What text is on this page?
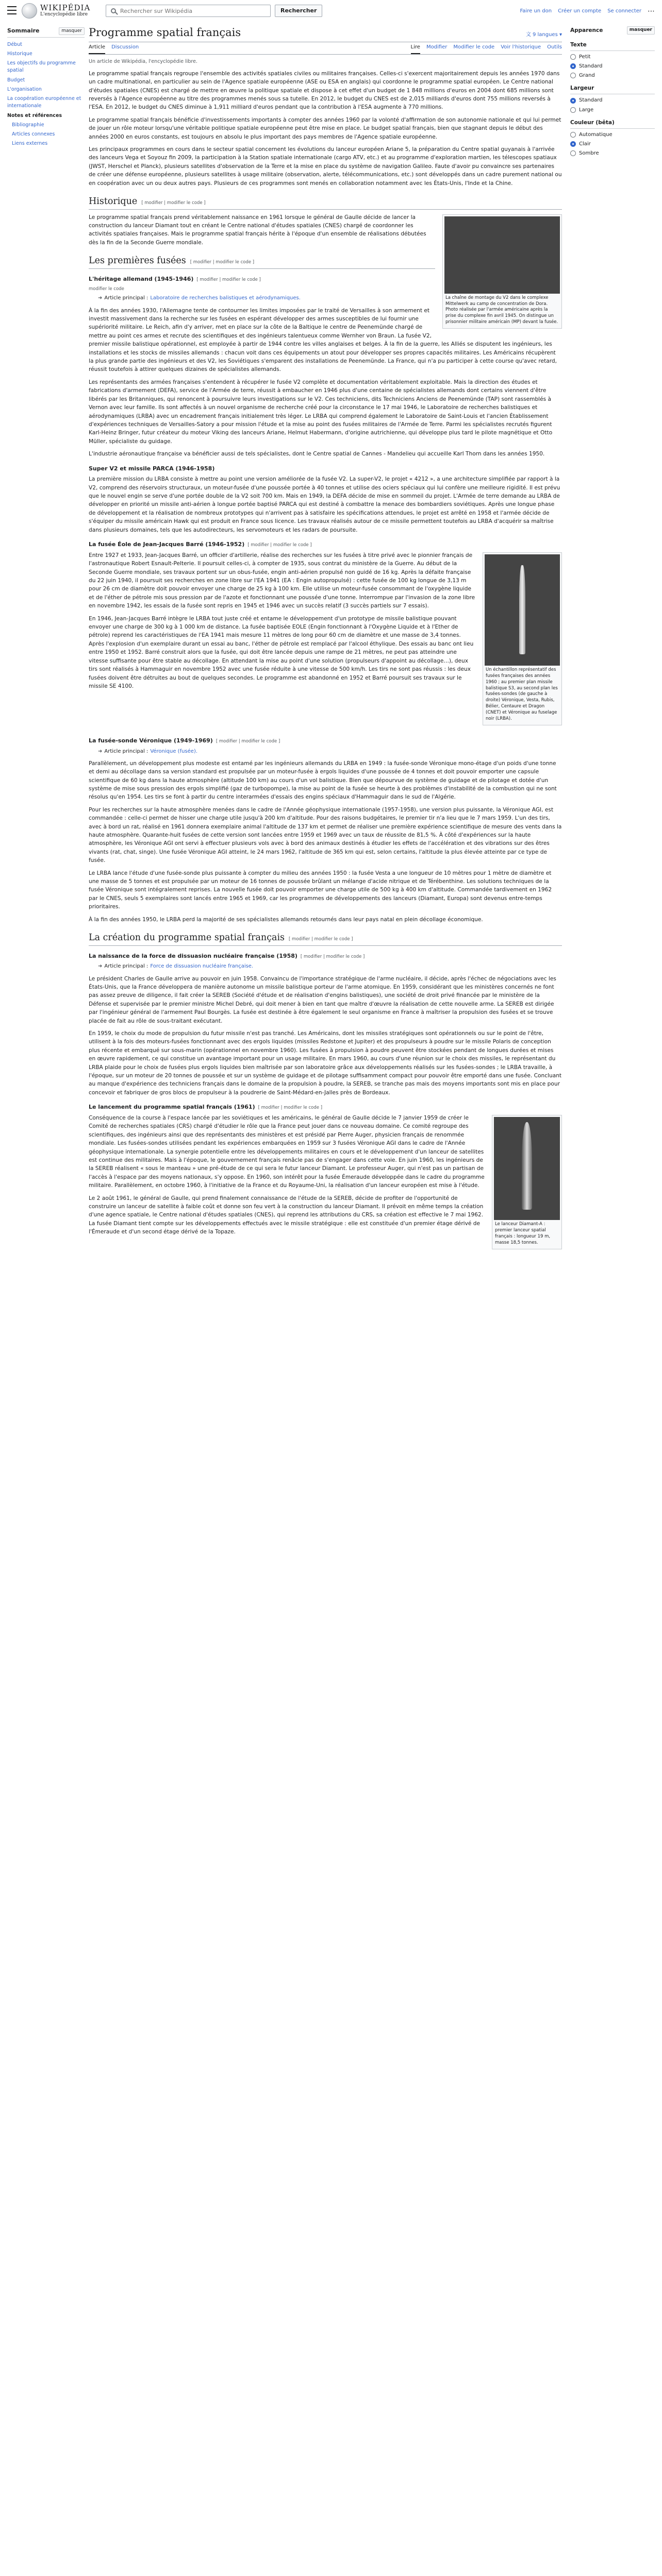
WIKIPÉDIA
L'encyclopédie libre
Rechercher sur Wikipédia
Rechercher	Faire un don Créer un compte Se connecter ⋯
Sommaire	masquer
Début
Historique
Les objectifs du programme spatial
Budget
L'organisation
La coopération européenne et internationale
Notes et références
Bibliographie
Articles connexes
Liens externes
Programme spatial français	文 9 langues ▾
Article Discussion	Lire Modifier Modifier le code Voir l'historique Outils
Un article de Wikipédia, l'encyclopédie libre.

Le programme spatial français regroupe l'ensemble des activités spatiales civiles ou militaires françaises. Celles-ci s'exercent majoritairement depuis les années 1970 dans un cadre multinational, en particulier au sein de l'Agence spatiale européenne (ASE ou ESA en anglais) qui coordonne le programme spatial européen. Le Centre national d'études spatiales (CNES) est chargé de mettre en œuvre la politique spatiale et dispose à cet effet d'un budget de 1 848 millions d'euros en 2004 dont 685 millions sont reversés à l'Agence européenne au titre des programmes menés sous sa tutelle. En 2012, le budget du CNES est de 2,015 milliards d'euros dont 755 millions reversés à l'ESA. En 2012, le budget du CNES diminue à 1,911 milliard d'euros pendant que la contribution à l'ESA augmente à 770 millions.

Le programme spatial français bénéficie d'investissements importants à compter des années 1960 par la volonté d'affirmation de son autonomie nationale et qui lui permet de jouer un rôle moteur lorsqu'une véritable politique spatiale européenne peut être mise en place. Le budget spatial français, bien que stagnant depuis le début des années 2000 en euros constants, est toujours en absolu le plus important des pays membres de l'Agence spatiale européenne.

Les principaux programmes en cours dans le secteur spatial concernent les évolutions du lanceur européen Ariane 5, la préparation du Centre spatial guyanais à l'arrivée des lanceurs Vega et Soyouz fin 2009, la participation à la Station spatiale internationale (cargo ATV, etc.) et au programme d'exploration martien, les télescopes spatiaux (JWST, Herschel et Planck), plusieurs satellites d'observation de la Terre et la mise en place du système de navigation Galileo. Faute d'avoir pu convaincre ses partenaires de créer une défense européenne, plusieurs satellites à usage militaire (observation, alerte, télécommunications, etc.) sont développés dans un cadre purement national ou en coopération avec un ou deux autres pays. Plusieurs de ces programmes sont menés en collaboration notamment avec les États-Unis, l'Inde et la Chine.

Historique [ modifier | modifier le code ]
La chaîne de montage du V2 dans le complexe Mittelwerk au camp de concentration de Dora. Photo réalisée par l'armée américaine après la prise du complexe fin avril 1945. On distingue un prisonnier militaire américain (MP) devant la fusée.

Le programme spatial français prend véritablement naissance en 1961 lorsque le général de Gaulle décide de lancer la construction du lanceur Diamant tout en créant le Centre national d'études spatiales (CNES) chargé de coordonner les activités spatiales françaises. Mais le programme spatial français hérite à l'époque d'un ensemble de réalisations débutées dès la fin de la Seconde Guerre mondiale.

Les premières fusées [ modifier | modifier le code ]
L'héritage allemand (1945-1946) [ modifier | modifier le code ]
modifier le code
➜ Article principal : Laboratoire de recherches balistiques et aérodynamiques.

À la fin des années 1930, l'Allemagne tente de contourner les limites imposées par le traité de Versailles à son armement et investit massivement dans la recherche sur les fusées en espérant développer des armes susceptibles de lui fournir une supériorité militaire. Le Reich, afin d'y arriver, met en place sur la côte de la Baltique le centre de Peenemünde chargé de mettre au point ces armes et recrute des scientifiques et des ingénieurs talentueux comme Wernher von Braun. La fusée V2, premier missile balistique opérationnel, est employée à partir de 1944 contre les villes anglaises et belges. À la fin de la guerre, les Alliés se disputent les ingénieurs, les installations et les stocks de missiles allemands : chacun voit dans ces équipements un atout pour développer ses propres capacités militaires. Les Américains récupèrent la plus grande partie des ingénieurs et des V2, les Soviétiques s'emparent des installations de Peenemünde. La France, qui n'a pu participer à cette course qu'avec retard, réussit toutefois à attirer quelques dizaines de spécialistes allemands.

Les représentants des armées françaises s'entendent à récupérer le fusée V2 complète et documentation véritablement exploitable. Mais la direction des études et fabrications d'armement (DEFA), service de l'Armée de terre, réussit à embaucher en 1946 plus d'une centaine de spécialistes allemands dont certains viennent d'être libérés par les Britanniques, qui renoncent à poursuivre leurs investigations sur le V2. Ces techniciens, dits Techniciens Anciens de Peenemünde (TAP) sont rassemblés à Vernon avec leur famille. Ils sont affectés à un nouvel organisme de recherche créé pour la circonstance le 17 mai 1946, le Laboratoire de recherches balistiques et aérodynamiques (LRBA) avec un encadrement français initialement très léger. Le LRBA qui comprend également le Laboratoire de Saint-Louis et l'ancien Établissement d'expériences techniques de Versailles-Satory a pour mission l'étude et la mise au point des fusées militaires de l'Armée de Terre. Parmi les spécialistes recrutés figurent Karl-Heinz Bringer, futur créateur du moteur Viking des lanceurs Ariane, Helmut Habermann, d'origine autrichienne, qui développe plus tard le pilote magnétique et Otto Müller, spécialiste du guidage.

L'industrie aéronautique française va bénéficier aussi de tels spécialistes, dont le Centre spatial de Cannes - Mandelieu qui accueille Karl Thorn dans les années 1950.

Super V2 et missile PARCA (1946-1958)

La première mission du LRBA consiste à mettre au point une version améliorée de la fusée V2. La super-V2, le projet « 4212 », a une architecture simplifiée par rapport à la V2, comprend des réservoirs structuraux, un moteur-fusée d'une poussée portée à 40 tonnes et utilise des ociers spéciaux qui lui confère une meilleure rigidité. Il est prévu que le nouvel engin se serve d'une portée double de la V2 soit 700 km. Mais en 1949, la DEFA décide de mise en sommeil du projet. L'Armée de terre demande au LRBA de développer en priorité un missile anti-aérien à longue portée baptisé PARCA qui est destiné à combattre la menace des bombardiers soviétiques. Après une longue phase de développement et la réalisation de nombreux prototypes qui n'arrivent pas à satisfaire les spécifications attendues, le projet est arrêté en 1958 et l'armée décide de s'équiper du missile américain Hawk qui est produit en France sous licence. Les travaux réalisés autour de ce missile permettent toutefois au LRBA d'acquérir sa maîtrise dans plusieurs domaines, tels que les autodirecteurs, les servomoteurs et les radars de poursuite.

La fusée Éole de Jean-Jacques Barré (1946-1952) [ modifier | modifier le code ]
Un échantillon représentatif des fusées françaises des années 1960 ; au premier plan missile balistique S3, au second plan les fusées-sondes (de gauche à droite) Véronique, Vesta, Rubis, Bélier, Centaure et Dragon (CNET) et Véronique au fuselage noir (LRBA).

Entre 1927 et 1933, Jean-Jacques Barré, un officier d'artillerie, réalise des recherches sur les fusées à titre privé avec le pionnier français de l'astronautique Robert Esnault-Pelterie. Il poursuit celles-ci, à compter de 1935, sous contrat du ministère de la Guerre. Au début de la Seconde Guerre mondiale, ses travaux portent sur un obus-fusée, engin anti-aérien propulsé non guidé de 16 kg. Après la défaite française du 22 juin 1940, il poursuit ses recherches en zone libre sur l'EA 1941 (EA : Engin autopropulsé) : cette fusée de 100 kg longue de 3,13 m pour 26 cm de diamètre doit pouvoir envoyer une charge de 25 kg à 100 km. Elle utilise un moteur-fusée consommant de l'oxygène liquide et de l'éther de pétrole mis sous pression par de l'azote et fonctionnant une pousséе d'une tonne. Interrompue par l'invasion de la zone libre en novembre 1942, les essais de la fusée sont repris en 1945 et 1946 avec un succès relatif (3 succès partiels sur 7 essais).

En 1946, Jean-Jacques Barré intègre le LRBA tout juste créé et entame le développement d'un prototype de missile balistique pouvant envoyer une charge de 300 kg à 1 000 km de distance. La fusée baptisée EOLE (Engin fonctionnant à l'Oxygène Liquide et à l'Ether de pétrole) reprend les caractéristiques de l'EA 1941 mais mesure 11 mètres de long pour 60 cm de diamètre et une masse de 3,4 tonnes. Après l'explosion d'un exemplaire durant un essai au banc, l'éther de pétrole est remplacé par l'alcool éthylique. Des essais au banc ont lieu entre 1950 et 1952. Barré construit alors que la fusée, qui doit être lancée depuis une rampe de 21 mètres, ne peut pas atteindre une vitesse suffisante pour être stable au décollage. En attendant la mise au point d'une solution (propulseurs d'appoint au décollage…), deux tirs sont réalisés à Hammaguir en novembre 1952 avec une fusée réduite à une vitesse de 500 km/h. Les tirs ne sont pas réussis : les deux fusées doivent être détruites au bout de quelques secondes. Le programme est abandonné en 1952 et Barré poursuit ses travaux sur le missile SE 4100.

La fusée-sonde Véronique (1949-1969) [ modifier | modifier le code ]
➜ Article principal : Véronique (fusée).

Parallèlement, un développement plus modeste est entamé par les ingénieurs allemands du LRBA en 1949 : la fusée-sonde Véronique mono-étage d'un poids d'une tonne et demi au décollage dans sa version standard est propulsée par un moteur-fusée à ergols liquides d'une poussée de 4 tonnes et doit pouvoir emporter une capsule scientifique de 60 kg dans la haute atmosphère (altitude 100 km) au cours d'un vol balistique. Bien que dépourvue de système de guidage et de pilotage et dotée d'un système de mise sous pression des ergols simplifié (gaz de turbopompe), la mise au point de la fusée se heurte à des problèmes d'instabilité de la combustion qui ne sont résolus qu'en 1954. Les tirs se font à partir du centre interarmées d'essais des engins spéciaux d'Hammaguir dans le sud de l'Algérie.

Pour les recherches sur la haute atmosphère menées dans le cadre de l'Année géophysique internationale (1957-1958), une version plus puissante, la Véronique AGI, est commandée : celle-ci permet de hisser une charge utile jusqu'à 200 km d'altitude. Pour des raisons budgétaires, le premier tir n'a lieu que le 7 mars 1959. L'un des tirs, avec à bord un rat, réalisé en 1961 donnera exemplaire animal l'altitude de 137 km et permet de réaliser une première expérience scientifique de mesure des vents dans la haute atmosphère. Quarante-huit fusées de cette version sont lancées entre 1959 et 1969 avec un taux de réussite de 81,5 %. À côté d'expériences sur la haute atmosphère, les Véronique AGI ont servi à effectuer plusieurs vols avec à bord des animaux destinés à étudier les effets de l'accélération et des vibrations sur des êtres vivants (rat, chat, singe). Une fusée Véronique AGI atteint, le 24 mars 1962, l'altitude de 365 km qui est, selon certains, l'altitude la plus élevée atteinte par ce type de fusée.

Le LRBA lance l'étude d'une fusée-sonde plus puissante à compter du milieu des années 1950 : la fusée Vesta a une longueur de 10 mètres pour 1 mètre de diamètre et une masse de 5 tonnes et est propulsée par un moteur de 16 tonnes de poussée brûlant un mélange d'acide nitrique et de Térébenthine. Les solutions techniques de la fusée Véronique sont intégralement reprises. La nouvelle fusée doit pouvoir emporter une charge utile de 500 kg à 400 km d'altitude. Commandée tardivement en 1962 par le CNES, seuls 5 exemplaires sont lancés entre 1965 et 1969, car les programmes de développements des lanceurs (Diamant, Europa) sont devenus entre-temps prioritaires.

À la fin des années 1950, le LRBA perd la majorité de ses spécialistes allemands retournés dans leur pays natal en plein décollage économique.

La création du programme spatial français [ modifier | modifier le code ]
La naissance de la force de dissuasion nucléaire française (1958) [ modifier | modifier le code ]
➜ Article principal : Force de dissuasion nucléaire française.

Le président Charles de Gaulle arrive au pouvoir en juin 1958. Convaincu de l'importance stratégique de l'arme nucléaire, il décide, après l'échec de négociations avec les États-Unis, que la France développera de manière autonome un missile balistique porteur de l'arme atomique. En 1959, considérant que les ministères concernés ne font pas assez preuve de diligence, il fait créer la SEREB (Société d'étude et de réalisation d'engins balistiques), une société de droit privé financée par le ministère de la Défense et supervisée par le premier ministre Michel Debré, qui doit mener à bien en tant que maître d'œuvre la réalisation de cette nouvelle arme. La SEREB est dirigée par l'ingénieur général de l'armement Paul Bourgès. La fusée est destinée à être également le seul organisme en France à maîtriser la propulsion des fusées et se trouve placée de fait au rôle de sous-traitant exécutant.

En 1959, le choix du mode de propulsion du futur missile n'est pas tranché. Les Américains, dont les missiles stratégiques sont opérationnels ou sur le point de l'être, utilisent à la fois des moteurs-fusées fonctionnant avec des ergols liquides (missiles Redstone et Jupiter) et des propulseurs à poudre sur le missile Polaris de conception plus récente et embarqué sur sous-marin (opérationnel en novembre 1960). Les fusées à propulsion à poudre peuvent être stockées pendant de longues durées et mises en œuvre rapidement, ce qui constitue un avantage important pour un usage militaire. En mars 1960, au cours d'une réunion sur le choix des missiles, le représentant du LRBA plaide pour le choix de fusées plus ergols liquides bien maîtrisée par son laboratoire grâce aux développements réalisés sur les fusées-sondes ; le LRBA travaille, à l'époque, sur un moteur de 20 tonnes de poussée et sur un système de guidage et de pilotage suffisamment compact pour pouvoir être emporté dans une fusée. Concluant au manque d'expérience des techniciens français dans le domaine de la propulsion à poudre, la SEREB, se tranche pas mais des moyens importants sont mis en place pour concevoir et fabriquer de gros blocs de propulseur à la poudrerie de Saint-Médard-en-Jalles près de Bordeaux.

Le lancement du programme spatial français (1961) [ modifier | modifier le code ]
Le lanceur Diamant-A : premier lanceur spatial français : longueur 19 m, masse 18,5 tonnes.

Conséquence de la course à l'espace lancée par les soviétiques et les américains, le général de Gaulle décide le 7 janvier 1959 de créer le Comité de recherches spatiales (CRS) chargé d'étudier le rôle que la France peut jouer dans ce nouveau domaine. Ce comité regroupe des scientifiques, des ingénieurs ainsi que des représentants des ministères et est présidé par Pierre Auger, physicien français de renommée mondiale. Les fusées-sondes utilisées pendant les expériences embarquées en 1959 sur 3 fusées Véronique AGI dans le cadre de l'Année géophysique internationale. La synergie potentielle entre les développements militaires en cours et le développement d'un lanceur de satellites est continue des militaires. Mais à l'époque, le gouvernement français renâcle pas de s'engager dans cette voie. En juin 1960, les ingénieurs de la SEREB réalisent « sous le manteau » une pré-étude de ce qui sera le futur lanceur Diamant. Le professeur Auger, qui n'est pas un partisan de l'accès à l'espace par des moyens nationaux, s'y oppose. En 1960, son intérêt pour la fusée Émeraude développée dans le cadre du programme militaire. Parallèlement, en octobre 1960, à l'initiative de la France et du Royaume-Uni, la réalisation d'un lanceur européen est mise à l'étude.

Le 2 août 1961, le général de Gaulle, qui prend finalement connaissance de l'étude de la SEREB, décide de profiter de l'opportunité de construire un lanceur de satellite à faible coût et donne son feu vert à la construction du lanceur Diamant. Il prévoit en même temps la création d'une agence spatiale, le Centre national d'études spatiales (CNES), qui reprend les attributions du CRS, sa création est effective le 7 mai 1962. La fusée Diamant tient compte sur les développements effectués avec le missile stratégique : elle est constituée d'un premier étage dérivé de l'Émeraude et d'un second étage dérivé de la Topaze.

Apparence	masquer
Texte
Petit
Standard
Grand
Largeur
Standard
Large
Couleur (bêta)
Automatique
Clair
Sombre
